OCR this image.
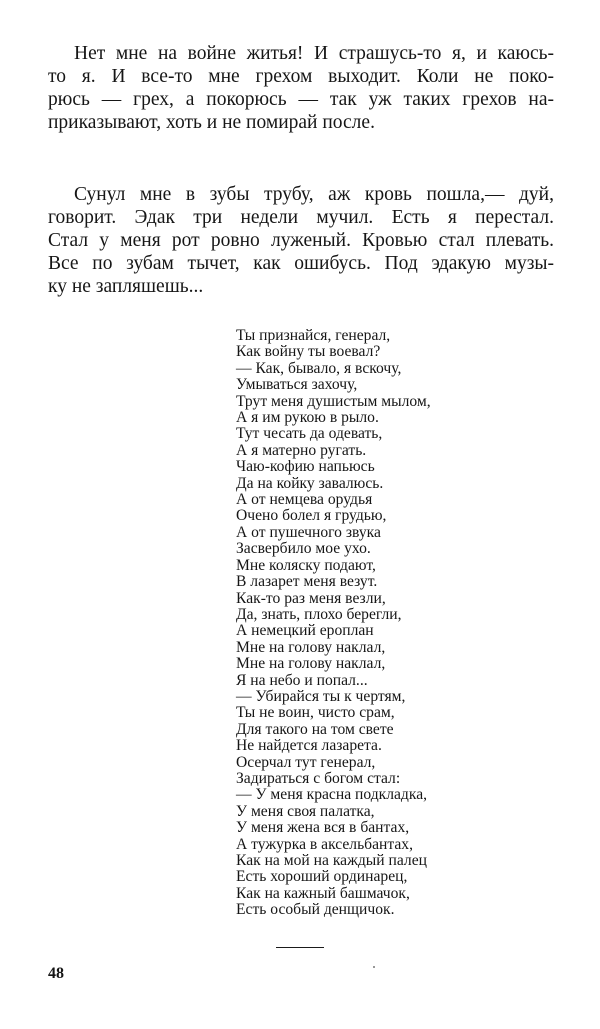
Нет мне на войне житья! И страшусь-то я, и каюсь-
то я. И все-то мне грехом выходит. Коли не поко-
рюсь — грех, а покорюсь — так уж таких грехов на-
приказывают, хоть и не помирай после.
Сунул мне в зубы трубу, аж кровь пошла,— дуй,
говорит. Эдак три недели мучил. Есть я перестал.
Стал у меня рот ровно луженый. Кровью стал плевать.
Все по зубам тычет, как ошибусь. Под эдакую музы-
ку не запляшешь...
Ты признайся, генерал,
Как войну ты воевал?
— Как, бывало, я вскочу,
Умываться захочу,
Трут меня душистым мылом,
А я им рукою в рыло.
Тут чесать да одевать,
А я матерно ругать.
Чаю-кофию напьюсь
Да на койку завалюсь.
А от немцева орудья
Очено болел я грудью,
А от пушечного звука
Засвербило мое ухо.
Мне коляску подают,
В лазарет меня везут.
Как-то раз меня везли,
Да, знать, плохо берегли,
А немецкий ероплан
Мне на голову наклал,
Мне на голову наклал,
Я на небо и попал...
— Убирайся ты к чертям,
Ты не воин, чисто срам,
Для такого на том свете
Не найдется лазарета.
Осерчал тут генерал,
Задираться с богом стал:
— У меня красна подкладка,
У меня своя палатка,
У меня жена вся в бантах,
А тужурка в аксельбантах,
Как на мой на каждый палец
Есть хороший ординарец,
Как на кажный башмачок,
Есть особый денщичок.
48
